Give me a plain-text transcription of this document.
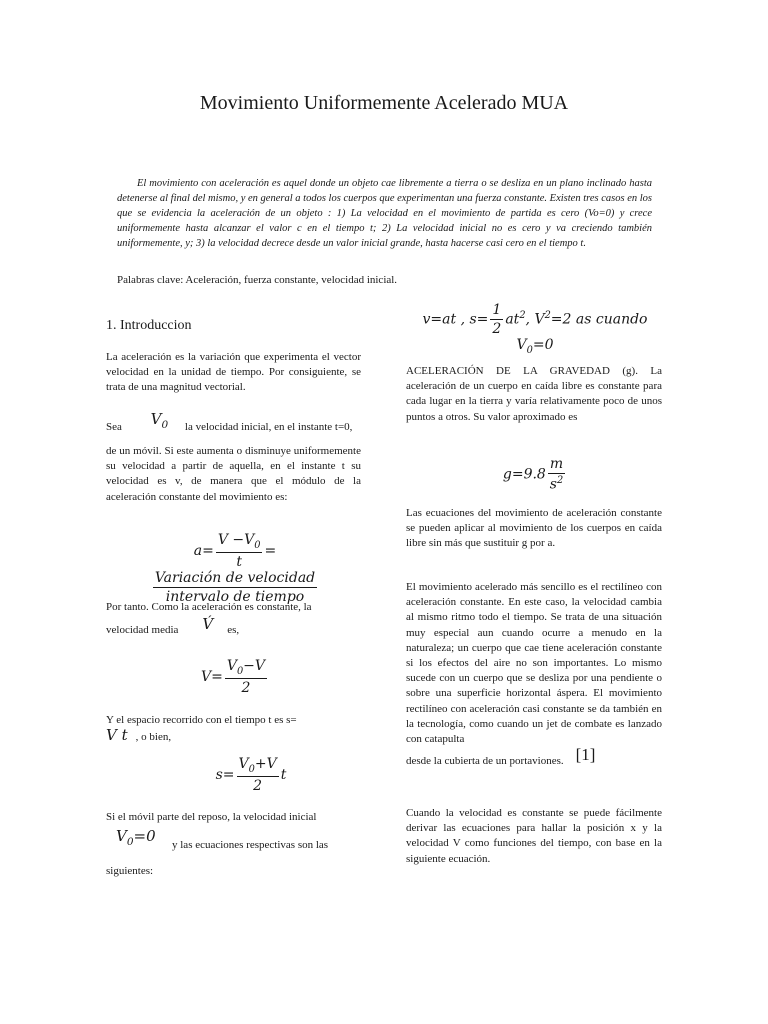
Movimiento Uniformemente Acelerado MUA
El movimiento con aceleración es aquel donde un objeto cae libremente a tierra o se desliza en un plano inclinado hasta detenerse al final del mismo, y en general a todos los cuerpos que experimentan una fuerza constante. Existen tres casos en los que se evidencia la aceleración de un objeto : 1) La velocidad en el movimiento de partida es cero (Vo=0) y crece uniformemente hasta alcanzar el valor c en el tiempo t; 2) La velocidad inicial no es cero y va creciendo también uniformemente, y; 3) la velocidad decrece desde un valor inicial grande, hasta hacerse casi cero en el tiempo t.
Palabras clave: Aceleración, fuerza constante, velocidad inicial.
1. Introduccion

La aceleración es la variación que experimenta el vector velocidad en la unidad de tiempo. Por consiguiente, se trata de una magnitud vectorial.

Sea $V_0$ la velocidad inicial, en el instante t=0,

de un móvil. Si este aumenta o disminuye uniformemente su velocidad a partir de aquella, en el instante t su velocidad es v, de manera que el módulo de la aceleración constante del movimiento es:

$a= \frac{V -V_0}{t}$ =
$\frac{\text{Variación de velocidad}}{\text{intervalo de tiempo}}$

Por tanto. Como la aceleración es constante, la

velocidad media V́ es,

$V= \frac{V_0-V}{2}$

Y el espacio recorrido con el tiempo t es s=

V t , o bien,

$s= \frac{V_0+V}{2}$ t

Si el móvil parte del reposo, la velocidad inicial

$V_0=0$

y las ecuaciones respectivas son las

siguientes:

v=at , $s= \frac{1}{2} at^2$, $V^2=2$ as cuando $V_0=0$

ACELERACIÓN DE LA GRAVEDAD (g). La aceleración de un cuerpo en caída libre es constante para cada lugar en la tierra y varía relativamente poco de unos puntos a otros. Su valor aproximado es

$g=9.8 \frac{m}{s^2}$

Las ecuaciones del movimiento de aceleración constante se pueden aplicar al movimiento de los cuerpos en caída libre sin más que sustituir g por a.

El movimiento acelerado más sencillo es el rectilíneo con aceleración constante. En este caso, la velocidad cambia al mismo ritmo todo el tiempo. Se trata de una situación muy especial aun cuando ocurre a menudo en la naturaleza; un cuerpo que cae tiene aceleración constante si los efectos del aire no son importantes. Lo mismo sucede con un cuerpo que se desliza por una pendiente o sobre una superficie horizontal áspera. El movimiento rectilíneo con aceleración casi constante se da también en la tecnología, como cuando un jet de combate es lanzado con catapulta

desde la cubierta de un portaviones. [1]

Cuando la velocidad es constante se puede fácilmente derivar las ecuaciones para hallar la posición x y la velocidad V como funciones del tiempo, con base en la siguiente ecuación.
